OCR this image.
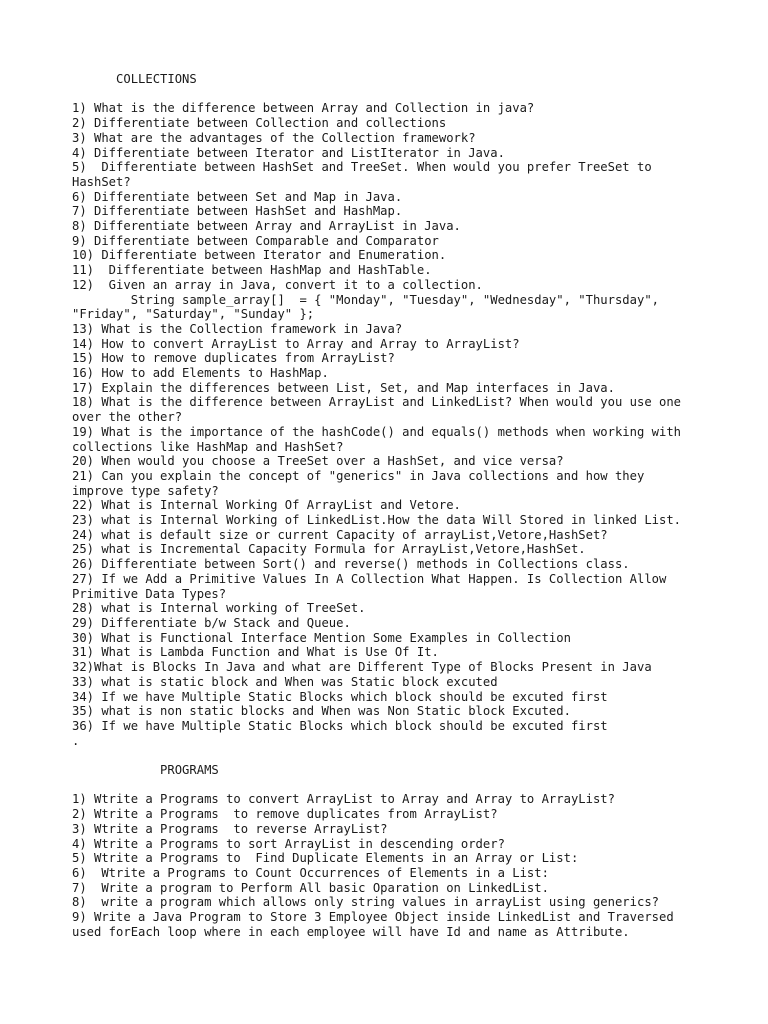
COLLECTIONS
1) What is the difference between Array and Collection in java?
2) Differentiate between Collection and collections
3) What are the advantages of the Collection framework?
4) Differentiate between Iterator and ListIterator in Java.
5)  Differentiate between HashSet and TreeSet. When would you prefer TreeSet to
HashSet?
6) Differentiate between Set and Map in Java.
7) Differentiate between HashSet and HashMap.
8) Differentiate between Array and ArrayList in Java.
9) Differentiate between Comparable and Comparator
10) Differentiate between Iterator and Enumeration.
11)  Differentiate between HashMap and HashTable.
12)  Given an array in Java, convert it to a collection.
String sample_array[]  = { "Monday", "Tuesday", "Wednesday", "Thursday",
"Friday", "Saturday", "Sunday" };
13) What is the Collection framework in Java?
14) How to convert ArrayList to Array and Array to ArrayList?
15) How to remove duplicates from ArrayList?
16) How to add Elements to HashMap.
17) Explain the differences between List, Set, and Map interfaces in Java.
18) What is the difference between ArrayList and LinkedList? When would you use one
over the other?
19) What is the importance of the hashCode() and equals() methods when working with
collections like HashMap and HashSet?
20) When would you choose a TreeSet over a HashSet, and vice versa?
21) Can you explain the concept of "generics" in Java collections and how they
improve type safety?
22) What is Internal Working Of ArrayList and Vetore.
23) what is Internal Working of LinkedList.How the data Will Stored in linked List.
24) what is default size or current Capacity of arrayList,Vetore,HashSet?
25) what is Incremental Capacity Formula for ArrayList,Vetore,HashSet.
26) Differentiate between Sort() and reverse() methods in Collections class.
27) If we Add a Primitive Values In A Collection What Happen. Is Collection Allow
Primitive Data Types?
28) what is Internal working of TreeSet.
29) Differentiate b/w Stack and Queue.
30) What is Functional Interface Mention Some Examples in Collection
31) What is Lambda Function and What is Use Of It.
32)What is Blocks In Java and what are Different Type of Blocks Present in Java
33) what is static block and When was Static block excuted
34) If we have Multiple Static Blocks which block should be excuted first
35) what is non static blocks and When was Non Static block Excuted.
36) If we have Multiple Static Blocks which block should be excuted first
.
PROGRAMS
1) Wtrite a Programs to convert ArrayList to Array and Array to ArrayList?
2) Wtrite a Programs  to remove duplicates from ArrayList?
3) Wtrite a Programs  to reverse ArrayList?
4) Wtrite a Programs to sort ArrayList in descending order?
5) Wtrite a Programs to  Find Duplicate Elements in an Array or List:
6)  Wtrite a Programs to Count Occurrences of Elements in a List:
7)  Write a program to Perform All basic Oparation on LinkedList.
8)  write a program which allows only string values in arrayList using generics?
9) Write a Java Program to Store 3 Employee Object inside LinkedList and Traversed
used forEach loop where in each employee will have Id and name as Attribute.
